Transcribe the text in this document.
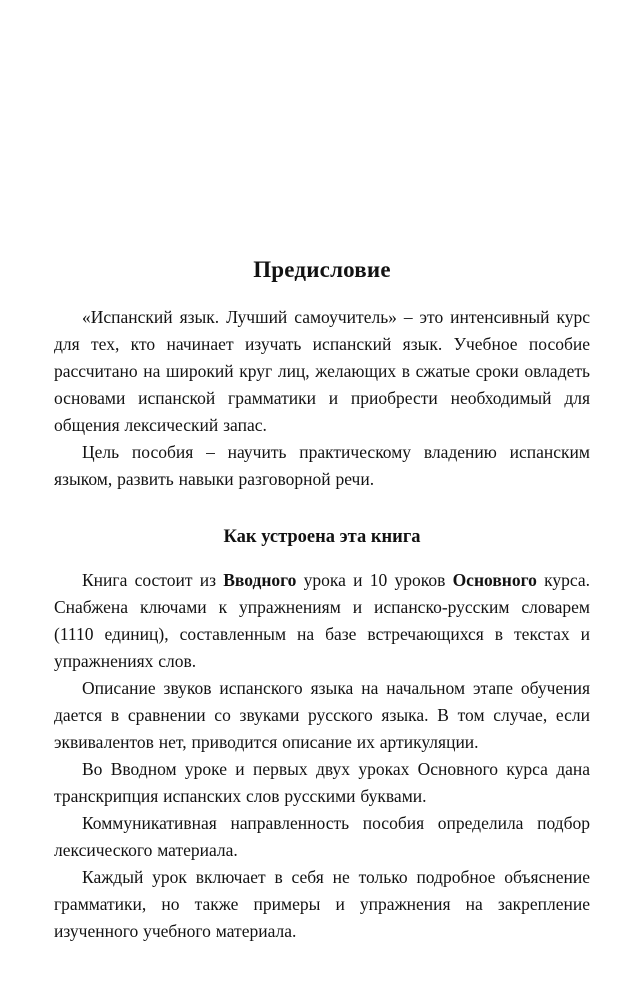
Предисловие

«Испанский язык. Лучший самоучитель» – это интенсивный курс для тех, кто начинает изучать испанский язык. Учебное пособие рассчитано на широкий круг лиц, желающих в сжатые сроки овладеть основами испанской грамматики и приобрести необходимый для общения лексический запас.

Цель пособия – научить практическому владению испанским языком, развить навыки разговорной речи.

Как устроена эта книга

Книга состоит из Вводного урока и 10 уроков Основного курса. Снабжена ключами к упражнениям и испанско-русским словарем (1110 единиц), составленным на базе встречающихся в текстах и упражнениях слов.

Описание звуков испанского языка на начальном этапе обучения дается в сравнении со звуками русского языка. В том случае, если эквивалентов нет, приводится описание их артикуляции.

Во Вводном уроке и первых двух уроках Основного курса дана транскрипция испанских слов русскими буквами.

Коммуникативная направленность пособия определила подбор лексического материала.

Каждый урок включает в себя не только подробное объяснение грамматики, но также примеры и упражнения на закрепление изученного учебного материала.
